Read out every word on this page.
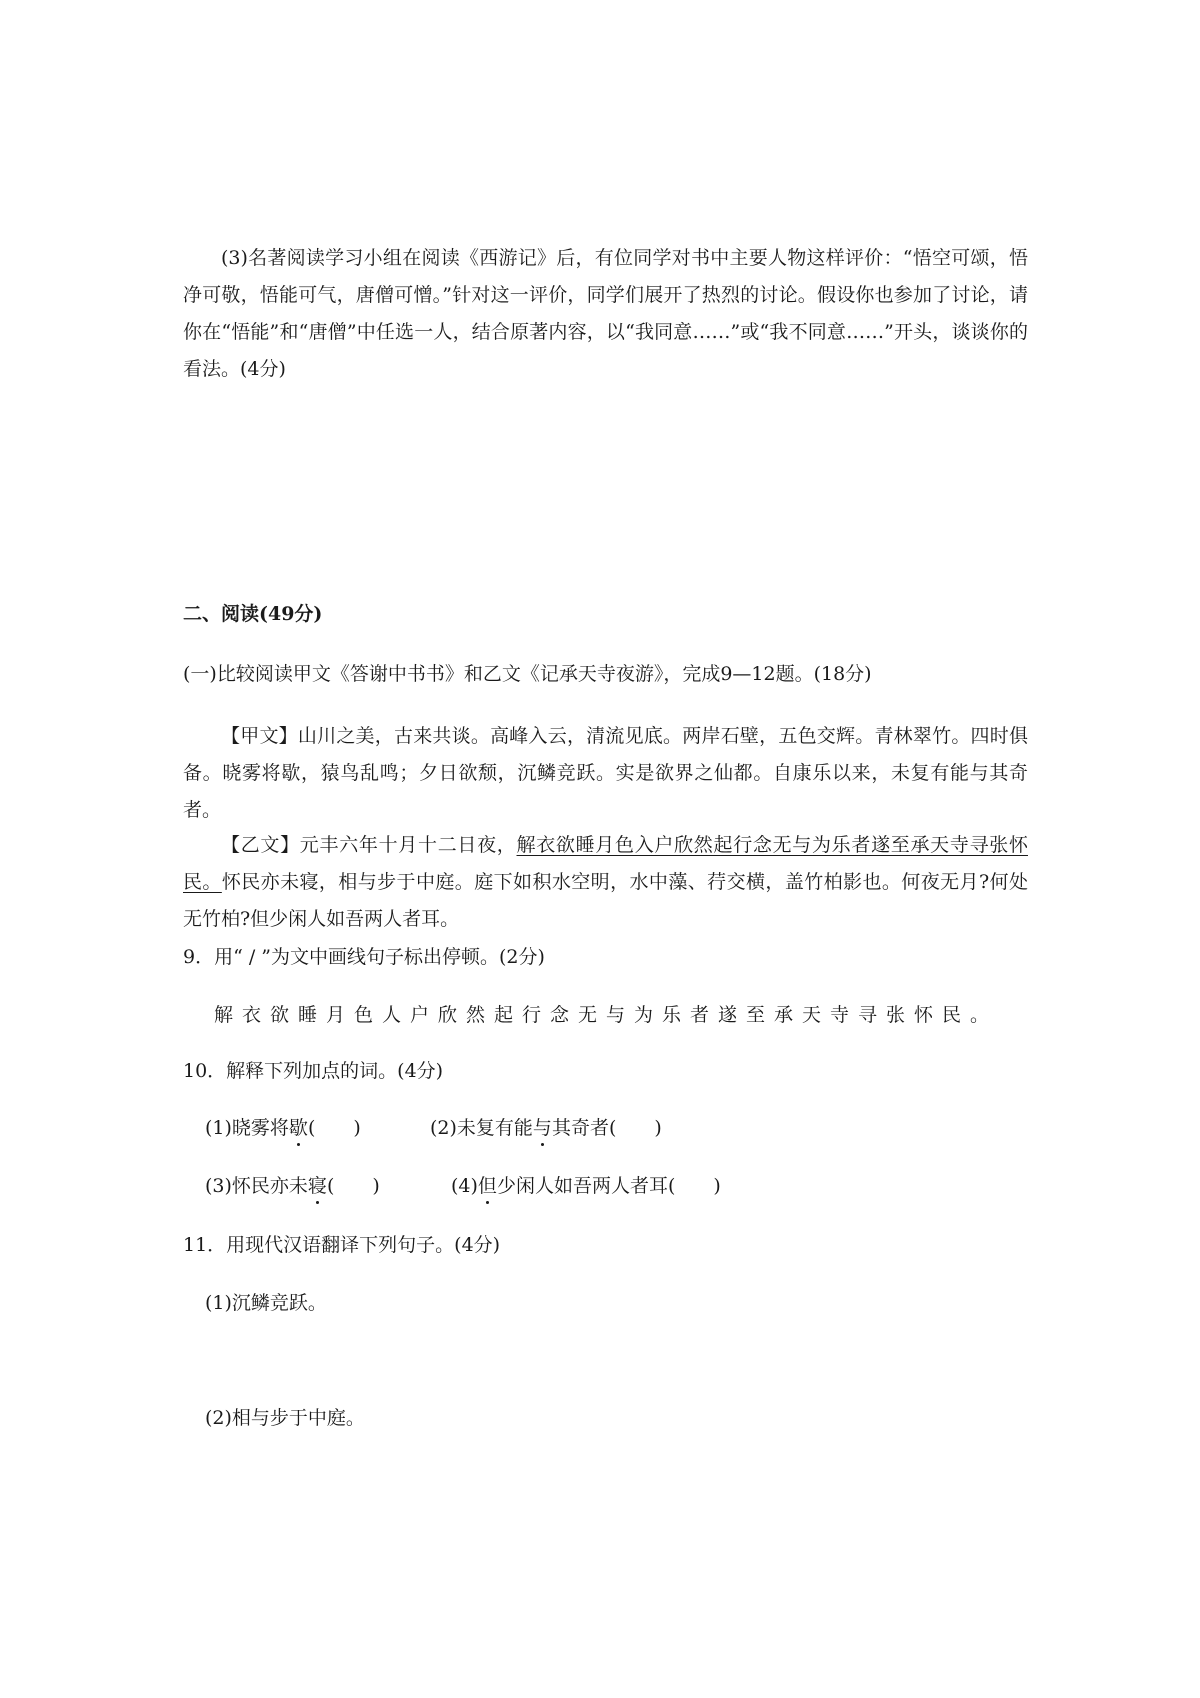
(3)名著阅读学习小组在阅读《西游记》后，有位同学对书中主要人物这样评价：“悟空可颂，悟净可敬，悟能可气，唐僧可憎。”针对这一评价，同学们展开了热烈的讨论。假设你也参加了讨论，请你在“悟能”和“唐僧”中任选一人，结合原著内容，以“我同意……”或“我不同意……”开头，谈谈你的看法。(4分)

二、阅读(49分)
(一)比较阅读甲文《答谢中书书》和乙文《记承天寺夜游》，完成9—12题。(18分)

【甲文】山川之美，古来共谈。高峰入云，清流见底。两岸石壁，五色交辉。青林翠竹。四时俱备。晓雾将歇，猿鸟乱鸣；夕日欲颓，沉鳞竞跃。实是欲界之仙都。自康乐以来，未复有能与其奇者。

【乙文】元丰六年十月十二日夜，解衣欲睡月色入户欣然起行念无与为乐者遂至承天寺寻张怀民。怀民亦未寝，相与步于中庭。庭下如积水空明，水中藻、荇交横，盖竹柏影也。何夜无月?何处无竹柏?但少闲人如吾两人者耳。

9．用“ / ”为文中画线句子标出停顿。(2分)
解衣欲睡月色人户欣然起行念无与为乐者遂至承天寺寻张怀民。
10．解释下列加点的词。(4分)
(1)晓雾将歇(　　)	(2)未复有能与其奇者(　　)
(3)怀民亦未寝(　　)	(4)但少闲人如吾两人者耳(　　)
11．用现代汉语翻译下列句子。(4分)
(1)沉鳞竞跃。
(2)相与步于中庭。
